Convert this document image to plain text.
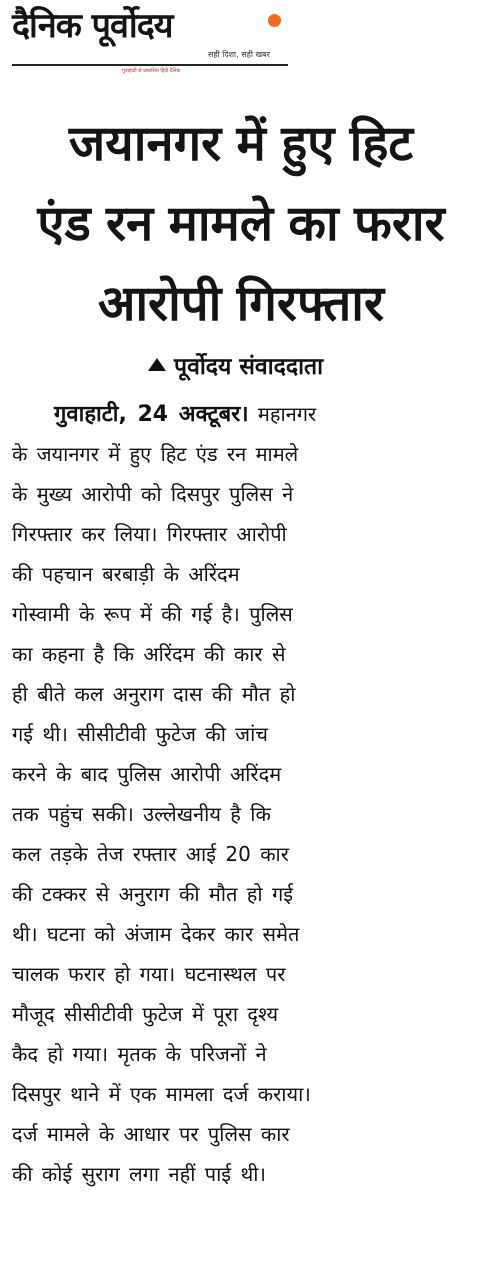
दैनिक पूर्वोदय
सही दिशा, सही खबर
गुवाहाटी से प्रकाशित हिंदी दैनिक
जयानगर में हुए हिट
एंड रन मामले का फरार
आरोपी गिरफ्तार
पूर्वोदय संवाददाता
गुवाहाटी, 24 अक्टूबर। महानगर
के जयानगर में हुए हिट एंड रन मामले
के मुख्य आरोपी को दिसपुर पुलिस ने
गिरफ्तार कर लिया। गिरफ्तार आरोपी
की पहचान बरबाड़ी के अरिंदम
गोस्वामी के रूप में की गई है। पुलिस
का कहना है कि अरिंदम की कार से
ही बीते कल अनुराग दास की मौत हो
गई थी। सीसीटीवी फुटेज की जांच
करने के बाद पुलिस आरोपी अरिंदम
तक पहुंच सकी। उल्लेखनीय है कि
कल तड़के तेज रफ्तार आई 20 कार
की टक्कर से अनुराग की मौत हो गई
थी। घटना को अंजाम देकर कार समेत
चालक फरार हो गया। घटनास्थल पर
मौजूद सीसीटीवी फुटेज में पूरा दृश्य
कैद हो गया। मृतक के परिजनों ने
दिसपुर थाने में एक मामला दर्ज कराया।
दर्ज मामले के आधार पर पुलिस कार
की कोई सुराग लगा नहीं पाई थी।
